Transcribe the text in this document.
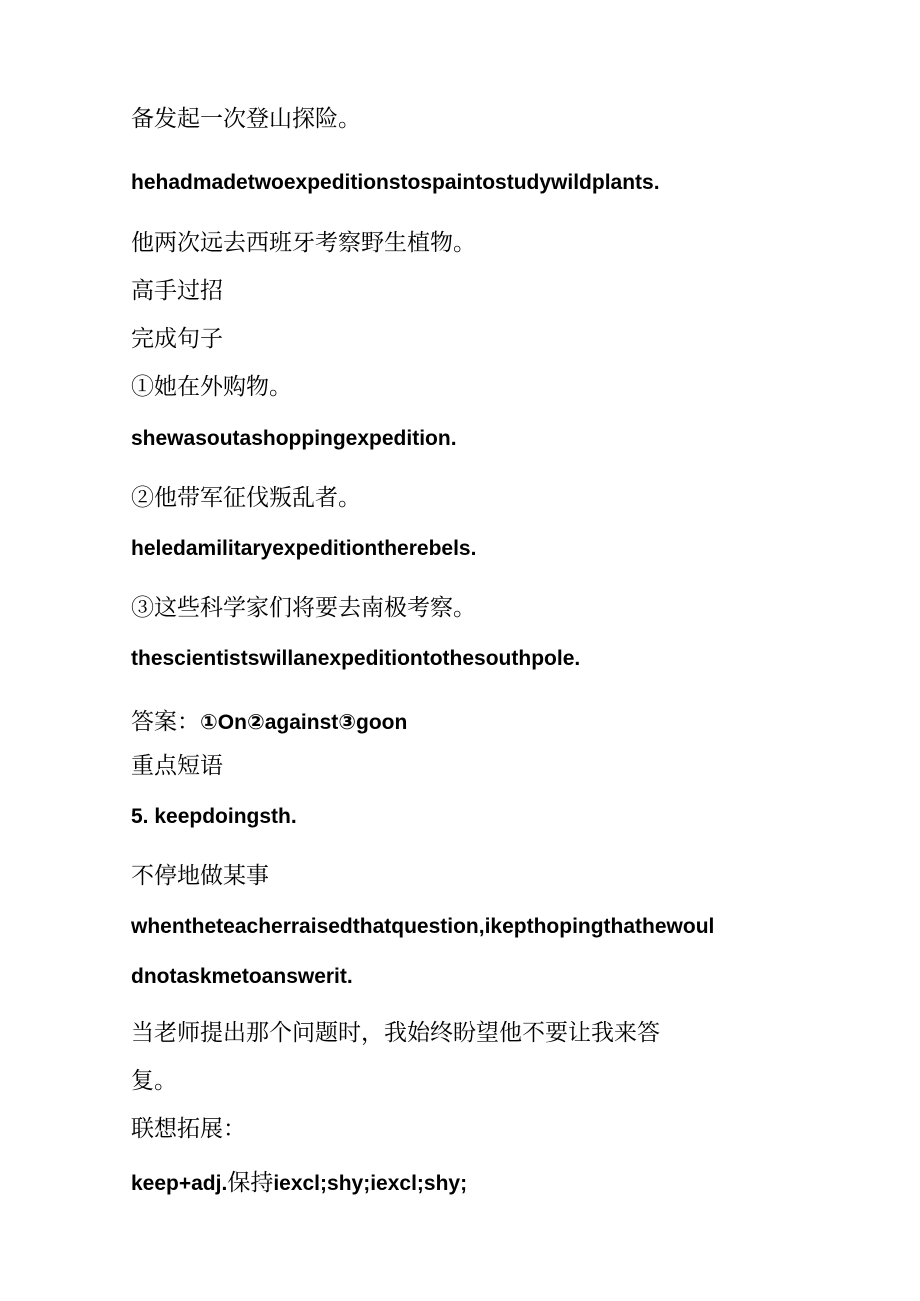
备发起一次登山探险。
hehadmadetwoexpeditionstospaintostudywildplants.
他两次远去西班牙考察野生植物。
高手过招
完成句子
①她在外购物。
shewasoutashoppingexpedition.
②他带军征伐叛乱者。
heledamilitaryexpeditiontherebels.
③这些科学家们将要去南极考察。
thescientistswillanexpeditiontothesouthpole.
答案：①On②against③goon
重点短语
5. keepdoingsth.
不停地做某事
whentheteacherraisedthatquestion,ikepthopingthathewoul
dnotaskmetoanswerit.
当老师提出那个问题时，我始终盼望他不要让我来答
复。
联想拓展：
keep+adj.保持iexcl;shy;iexcl;shy;
